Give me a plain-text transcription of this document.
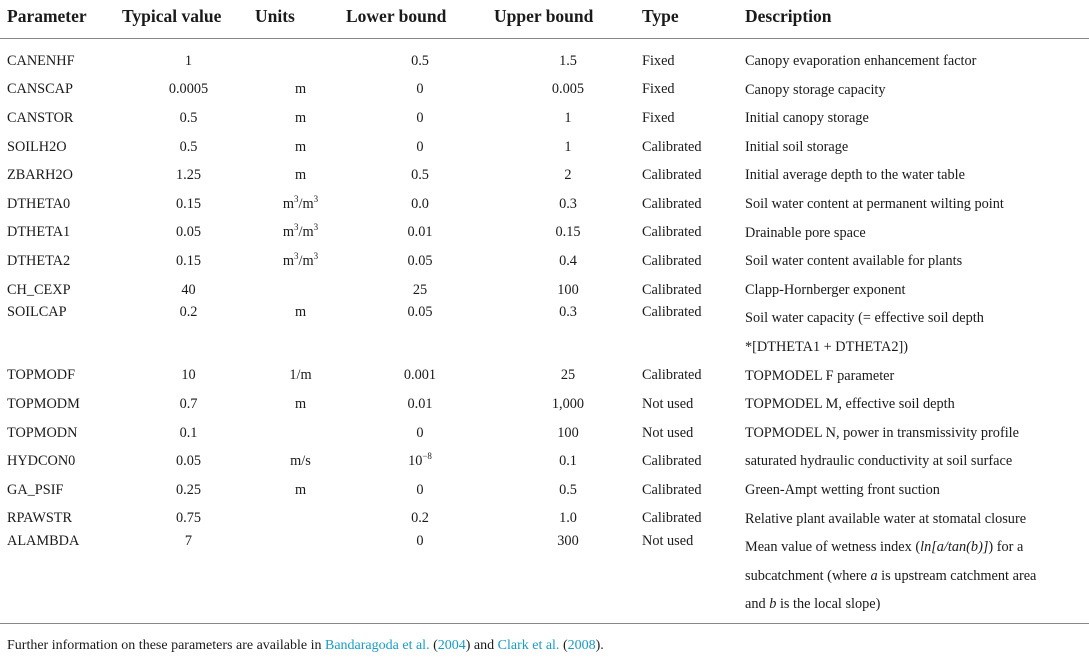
Parameter	Typical value	Units	Lower bound	Upper bound	Type	Description
CANENHF	1		0.5	1.5	Fixed	Canopy evaporation enhancement factor
CANSCAP	0.0005	m	0	0.005	Fixed	Canopy storage capacity
CANSTOR	0.5	m	0	1	Fixed	Initial canopy storage
SOILH2O	0.5	m	0	1	Calibrated	Initial soil storage
ZBARH2O	1.25	m	0.5	2	Calibrated	Initial average depth to the water table
DTHETA0	0.15	$m^3/m^3$	0.0	0.3	Calibrated	Soil water content at permanent wilting point
DTHETA1	0.05	$m^3/m^3$	0.01	0.15	Calibrated	Drainable pore space
DTHETA2	0.15	$m^3/m^3$	0.05	0.4	Calibrated	Soil water content available for plants
CH_CEXP	40		25	100	Calibrated	Clapp-Hornberger exponent
SOILCAP	0.2	m	0.05	0.3	Calibrated	Soil water capacity (= effective soil depth
*[DTHETA1 + DTHETA2])
TOPMODF	10	1/m	0.001	25	Calibrated	TOPMODEL F parameter
TOPMODM	0.7	m	0.01	1,000	Not used	TOPMODEL M, effective soil depth
TOPMODN	0.1		0	100	Not used	TOPMODEL N, power in transmissivity profile
HYDCON0	0.05	m/s	$10^{-8}$	0.1	Calibrated	saturated hydraulic conductivity at soil surface
GA_PSIF	0.25	m	0	0.5	Calibrated	Green-Ampt wetting front suction
RPAWSTR	0.75		0.2	1.0	Calibrated	Relative plant available water at stomatal closure
ALAMBDA	7		0	300	Not used	Mean value of wetness index (ln[a/tan(b)]) for a
subcatchment (where a is upstream catchment area
and b is the local slope)
Further information on these parameters are available in Bandaragoda et al. (2004) and Clark et al. (2008).
